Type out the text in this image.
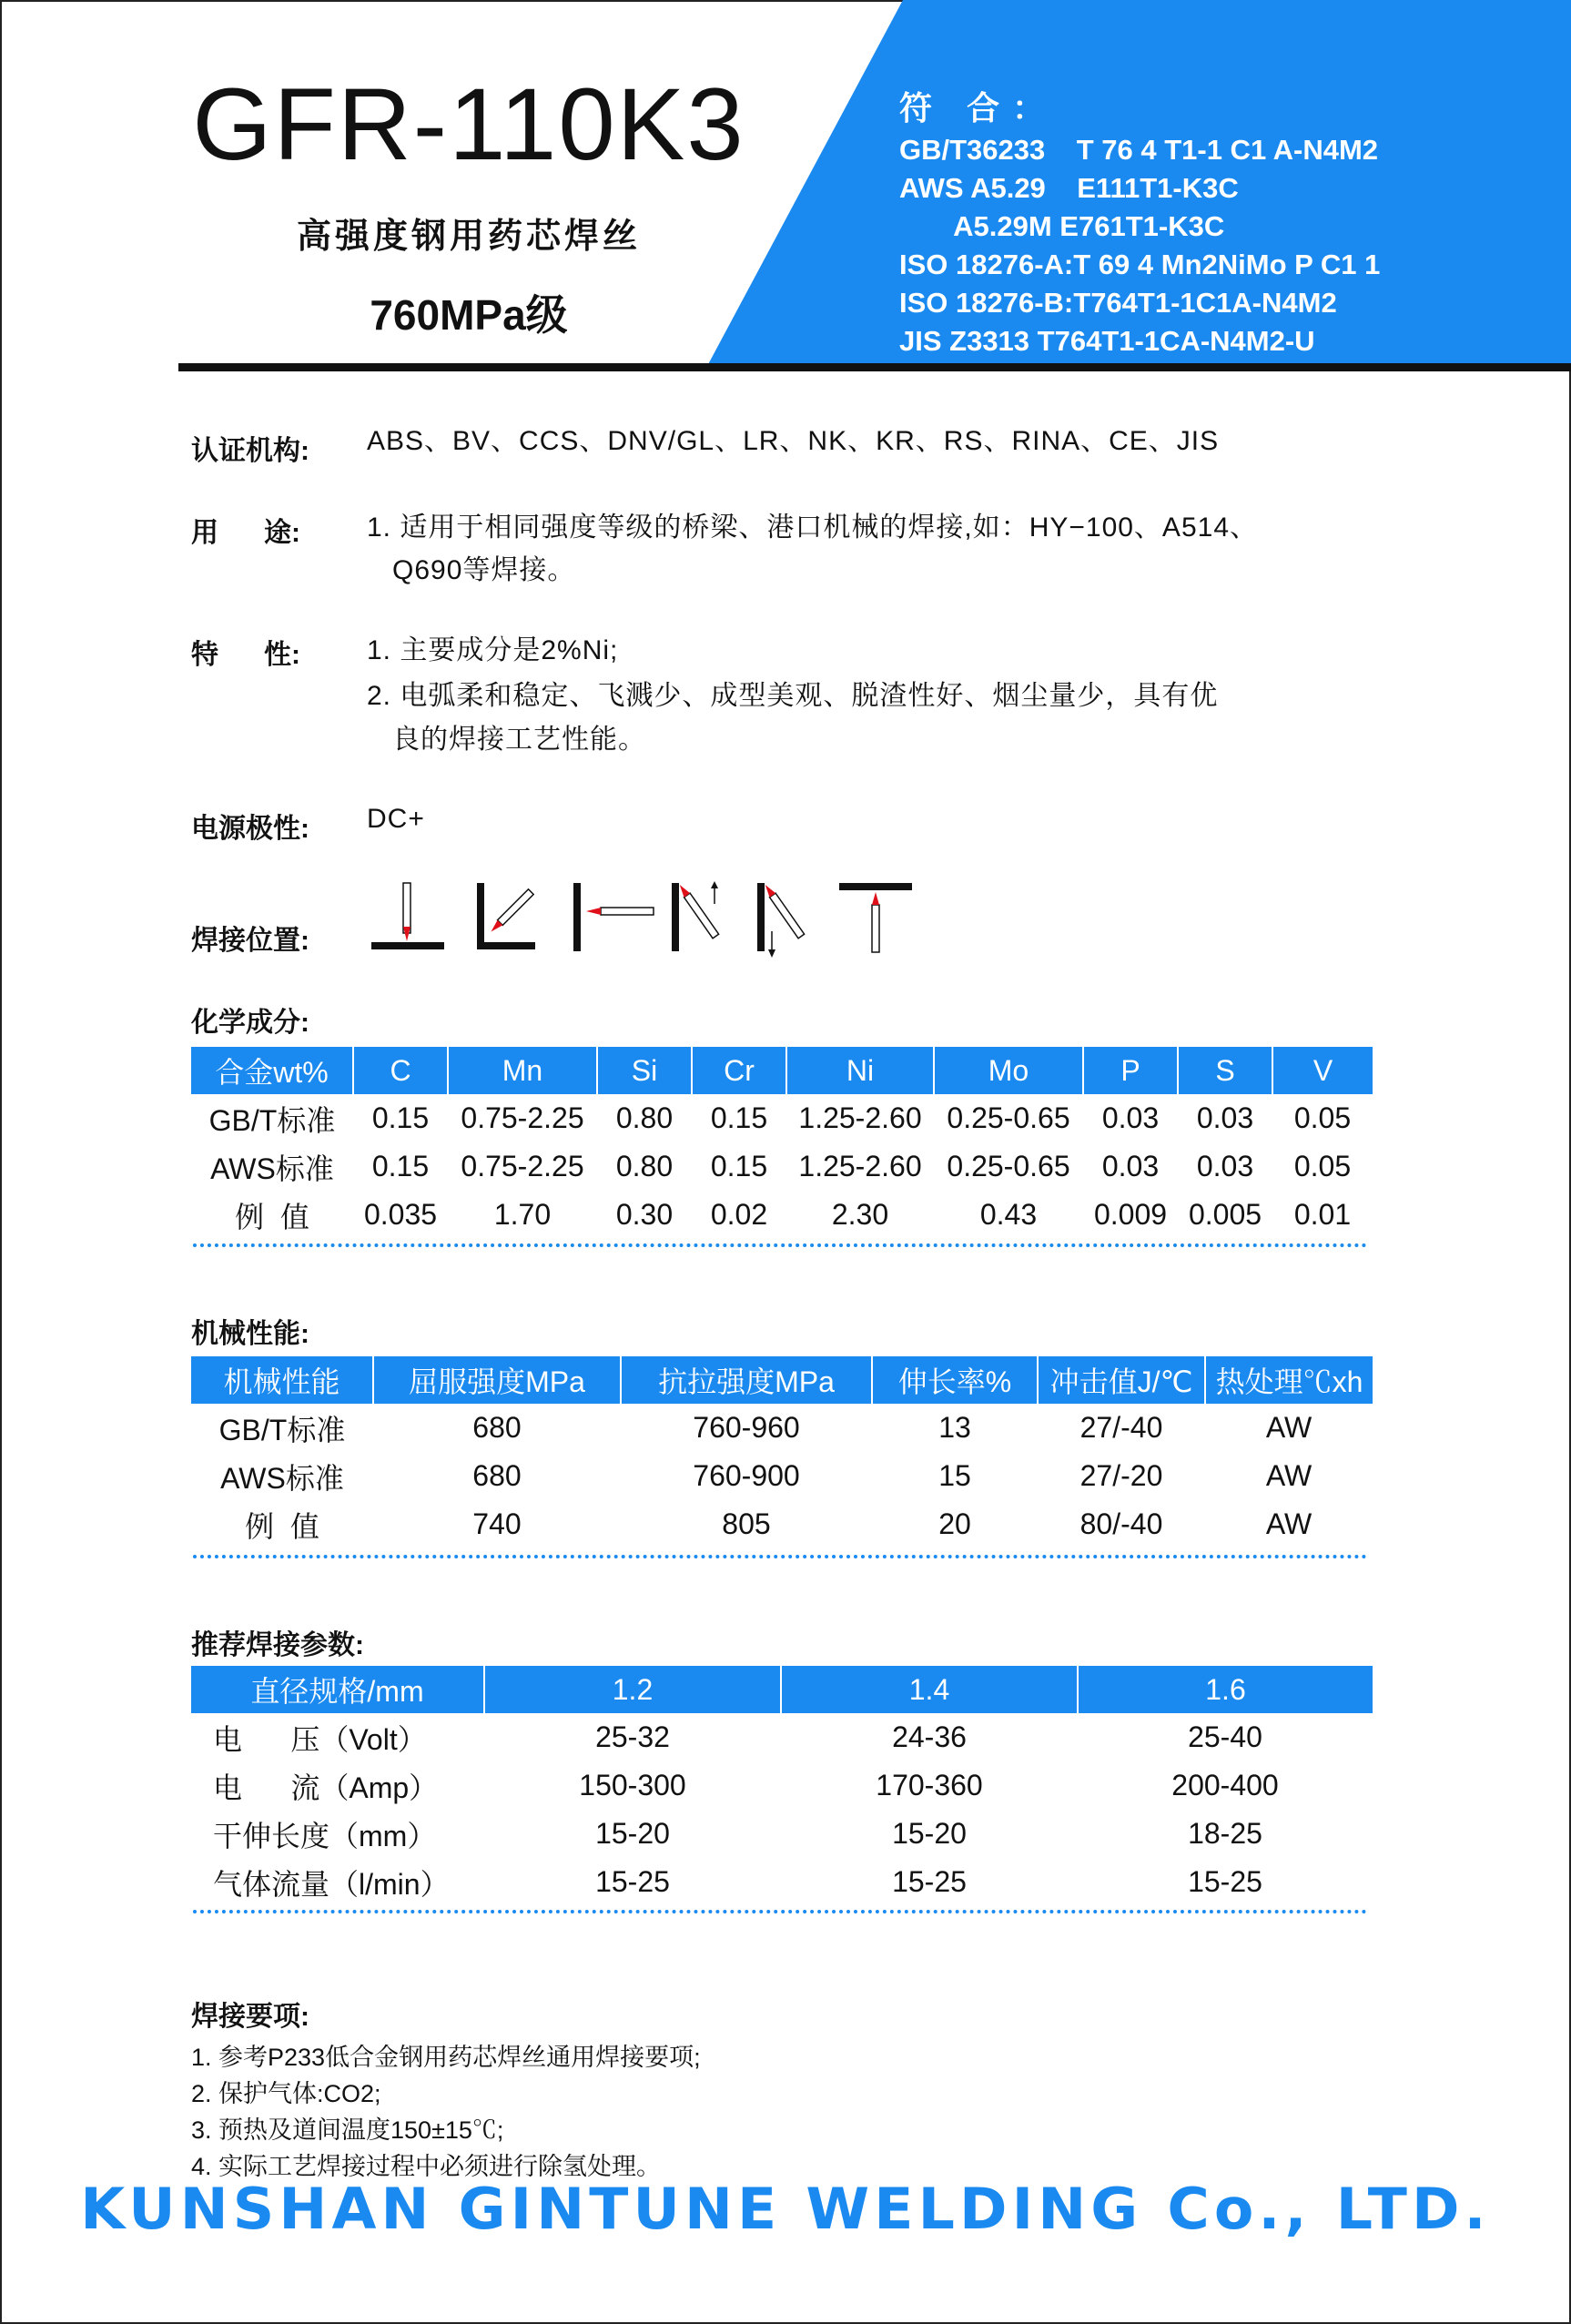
GFR-110K3
高强度钢用药芯焊丝
760MPa级
符 合：
GB/T36233    T 76 4 T1-1 C1 A-N4M2
AWS A5.29    E111T1-K3C
A5.29M E761T1-K3C
ISO 18276-A:T 69 4 Mn2NiMo P C1 1
ISO 18276-B:T764T1-1C1A-N4M2
JIS Z3313 T764T1-1CA-N4M2-U
认证机构: ABS、BV、CCS、DNV/GL、LR、NK、KR、RS、RINA、CE、JIS
用      途: 1. 适用于相同强度等级的桥梁、港口机械的焊接,如：HY−100、A514、
Q690等焊接。
特      性: 1. 主要成分是2%Ni;
2. 电弧柔和稳定、飞溅少、成型美观、脱渣性好、烟尘量少，具有优
良的焊接工艺性能。
电源极性: DC+
焊接位置:
化学成分:
合金wt%	C	Mn	Si	Cr	Ni	Mo	P	S	V
GB/T标准	0.15	0.75-2.25	0.80	0.15	1.25-2.60	0.25-0.65	0.03	0.03	0.05
AWS标准	0.15	0.75-2.25	0.80	0.15	1.25-2.60	0.25-0.65	0.03	0.03	0.05
例  值	0.035	1.70	0.30	0.02	2.30	0.43	0.009	0.005	0.01
机械性能:
机械性能	屈服强度MPa	抗拉强度MPa	伸长率%	冲击值J/℃	热处理℃xh
GB/T标准	680	760-960	13	27/-40	AW
AWS标准	680	760-900	15	27/-20	AW
例  值	740	805	20	80/-40	AW
推荐焊接参数:
直径规格/mm	1.2	1.4	1.6
电      压（Volt）	25-32	24-36	25-40
电      流（Amp）	150-300	170-360	200-400
干伸长度（mm）	15-20	15-20	18-25
气体流量（l/min）	15-25	15-25	15-25
焊接要项:
1. 参考P233低合金钢用药芯焊丝通用焊接要项;
2. 保护气体:CO2;
3. 预热及道间温度150±15℃;
4. 实际工艺焊接过程中必须进行除氢处理。
KUNSHAN GINTUNE WELDING Co., LTD.
